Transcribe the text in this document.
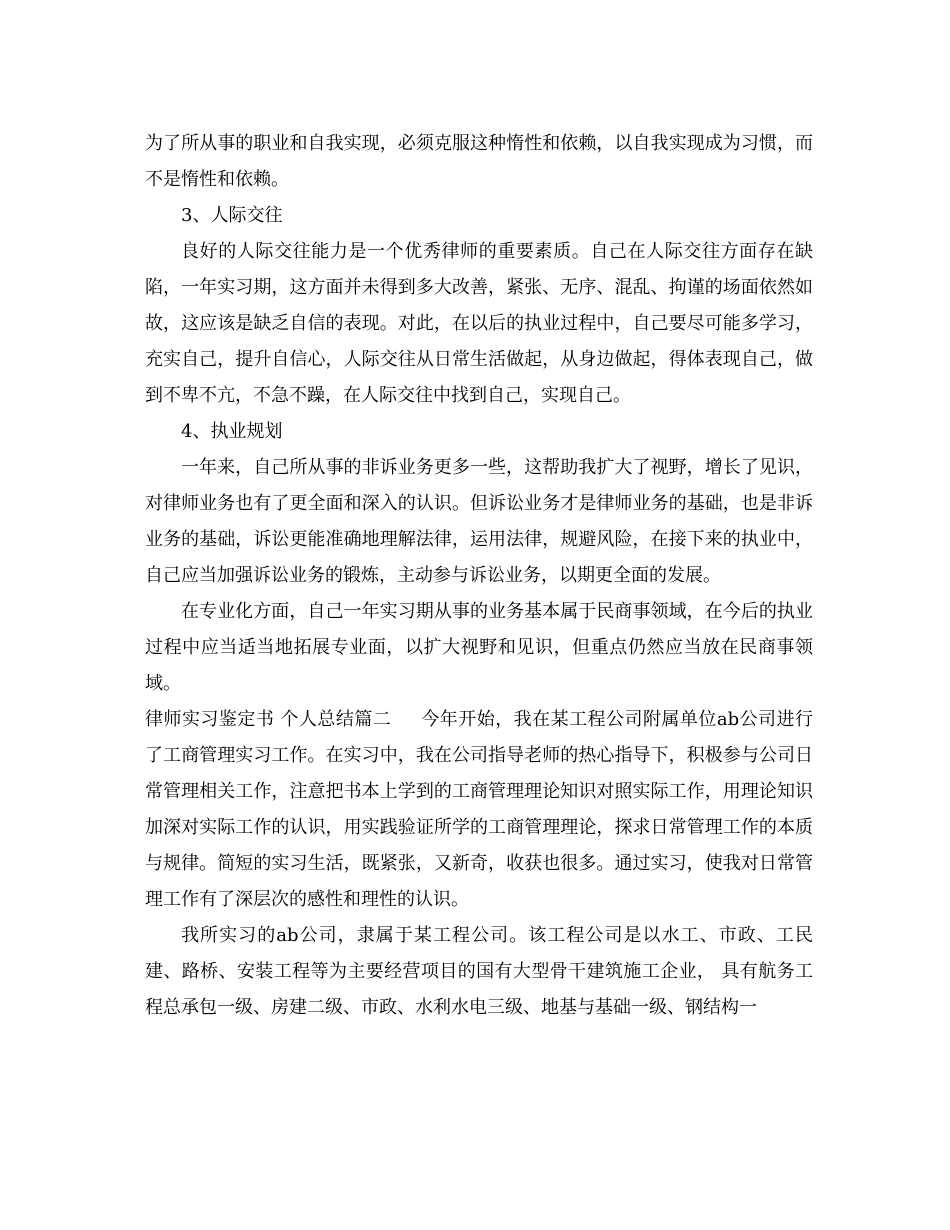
为了所从事的职业和自我实现，必须克服这种惰性和依赖，以自我实现成为习惯，而不是惰性和依赖。

3、人际交往

良好的人际交往能力是一个优秀律师的重要素质。自己在人际交往方面存在缺陷，一年实习期，这方面并未得到多大改善，紧张、无序、混乱、拘谨的场面依然如故，这应该是缺乏自信的表现。对此，在以后的执业过程中，自己要尽可能多学习，充实自己，提升自信心，人际交往从日常生活做起，从身边做起，得体表现自己，做到不卑不亢，不急不躁，在人际交往中找到自己，实现自己。

4、执业规划

一年来，自己所从事的非诉业务更多一些，这帮助我扩大了视野，增长了见识，对律师业务也有了更全面和深入的认识。但诉讼业务才是律师业务的基础，也是非诉业务的基础，诉讼更能准确地理解法律，运用法律，规避风险，在接下来的执业中，自己应当加强诉讼业务的锻炼，主动参与诉讼业务，以期更全面的发展。

在专业化方面，自己一年实习期从事的业务基本属于民商事领域，在今后的执业过程中应当适当地拓展专业面，以扩大视野和见识，但重点仍然应当放在民商事领域。

律师实习鉴定书 个人总结篇二 今年开始，我在某工程公司附属单位ab公司进行了工商管理实习工作。在实习中，我在公司指导老师的热心指导下，积极参与公司日常管理相关工作，注意把书本上学到的工商管理理论知识对照实际工作，用理论知识加深对实际工作的认识，用实践验证所学的工商管理理论，探求日常管理工作的本质与规律。简短的实习生活，既紧张，又新奇，收获也很多。通过实习，使我对日常管理工作有了深层次的感性和理性的认识。

我所实习的ab公司，隶属于某工程公司。该工程公司是以水工、市政、工民建、路桥、安装工程等为主要经营项目的国有大型骨干建筑施工企业， 具有航务工程总承包一级、房建二级、市政、水利水电三级、地基与基础一级、钢结构一
